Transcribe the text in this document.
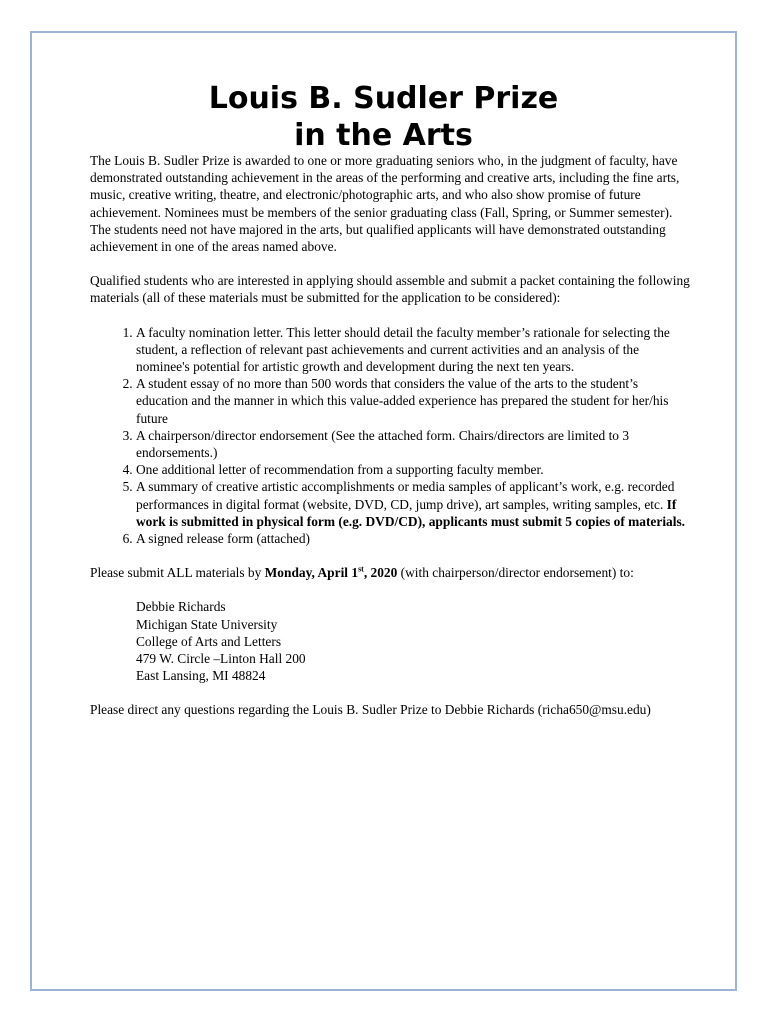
Louis B. Sudler Prize
in the Arts

The Louis B. Sudler Prize is awarded to one or more graduating seniors who, in the judgment of faculty, have demonstrated outstanding achievement in the areas of the performing and creative arts, including the fine arts, music, creative writing, theatre, and electronic/photographic arts, and who also show promise of future achievement. Nominees must be members of the senior graduating class (Fall, Spring, or Summer semester). The students need not have majored in the arts, but qualified applicants will have demonstrated outstanding achievement in one of the areas named above.

Qualified students who are interested in applying should assemble and submit a packet containing the following materials (all of these materials must be submitted for the application to be considered):

1. A faculty nomination letter. This letter should detail the faculty member’s rationale for selecting the student, a reflection of relevant past achievements and current activities and an analysis of the nominee's potential for artistic growth and development during the next ten years.
2. A student essay of no more than 500 words that considers the value of the arts to the student’s education and the manner in which this value-added experience has prepared the student for her/his future
3. A chairperson/director endorsement (See the attached form. Chairs/directors are limited to 3 endorsements.)
4. One additional letter of recommendation from a supporting faculty member.
5. A summary of creative artistic accomplishments or media samples of applicant’s work, e.g. recorded performances in digital format (website, DVD, CD, jump drive), art samples, writing samples, etc. If work is submitted in physical form (e.g. DVD/CD), applicants must submit 5 copies of materials.
6. A signed release form (attached)

Please submit ALL materials by Monday, April 1st, 2020 (with chairperson/director endorsement) to:

Debbie Richards
Michigan State University
College of Arts and Letters
479 W. Circle –Linton Hall 200
East Lansing, MI 48824

Please direct any questions regarding the Louis B. Sudler Prize to Debbie Richards (richa650@msu.edu)
